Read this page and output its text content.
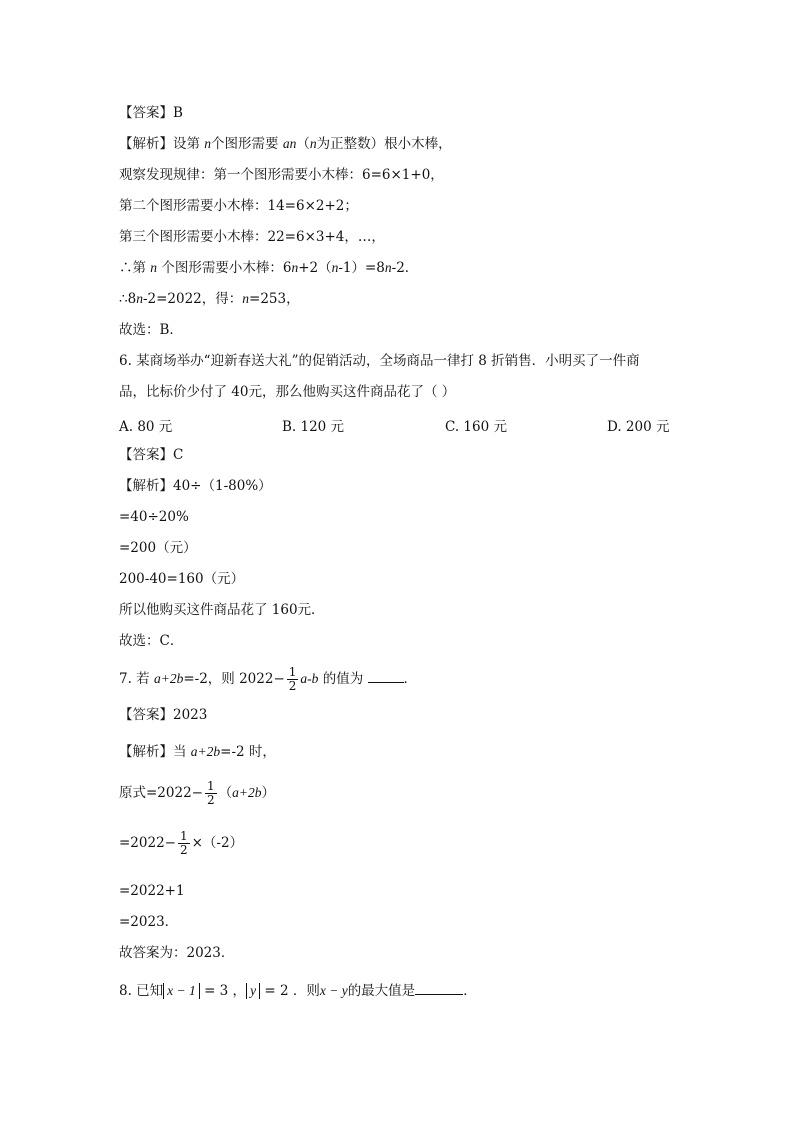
【答案】B
【解析】设第 n个图形需要 an（n为正整数）根小木棒，
观察发现规律：第一个图形需要小木棒：6=6×1+0，
第二个图形需要小木棒：14=6×2+2；
第三个图形需要小木棒：22=6×3+4，…，
∴第 n 个图形需要小木棒：6n+2（n-1）=8n-2．
∴8n-2=2022，得：n=253，
故选：B．
6. 某商场举办“迎新春送大礼”的促销活动，全场商品一律打 8 折销售．小明买了一件商
品，比标价少付了 40元，那么他购买这件商品花了（ ）
A. 80 元	B. 120 元	C. 160 元	D. 200 元
【答案】C
【解析】40÷（1-80%）
=40÷20%
=200（元）
200-40=160（元）
所以他购买这件商品花了 160元．
故选：C．
7. 若 a+2b=-2，则 $2022- \frac{1}{2} a-b$ 的值为	．
【答案】2023
【解析】当 a+2b=-2 时，
原式$=2022- \frac{1}{2} (a+2b)$
$=2022- \frac{1}{2} \times(-2)$
=2022+1
=2023．
故答案为：2023．
8. 已知 x − 1 = 3 ， y = 2 ．则x − y的最大值是	．
